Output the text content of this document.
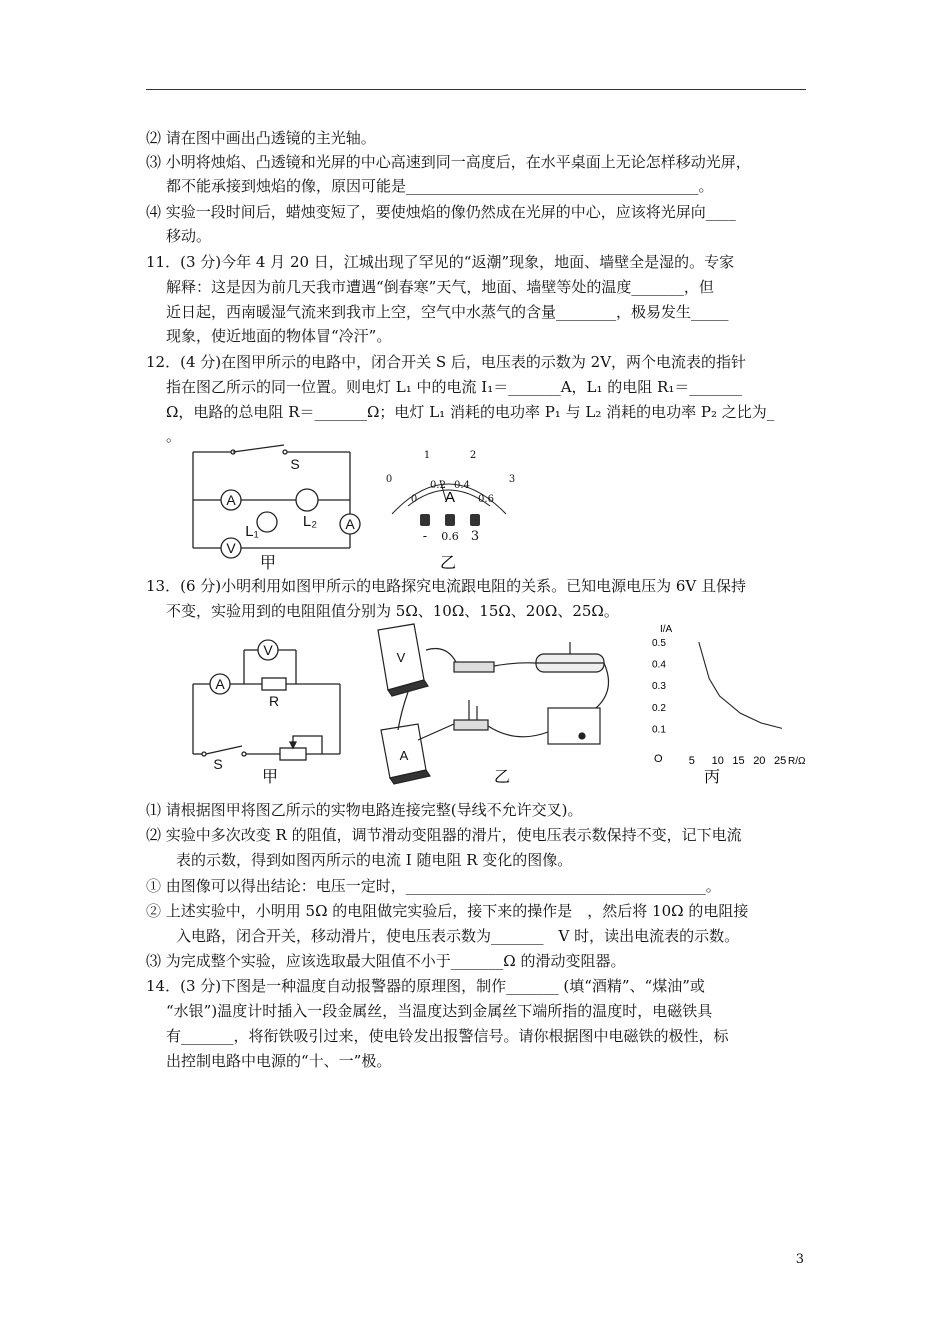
⑵ 请在图中画出凸透镜的主光轴。
⑶ 小明将烛焰、凸透镜和光屏的中心高速到同一高度后，在水平桌面上无论怎样移动光屏，
都不能承接到烛焰的像，原因可能是_______________________________________。
⑷ 实验一段时间后，蜡烛变短了，要使烛焰的像仍然成在光屏的中心，应该将光屏向____
移动。
11．(3 分)今年 4 月 20 日，江城出现了罕见的“返潮”现象，地面、墙壁全是湿的。专家
解释：这是因为前几天我市遭遇“倒春寒”天气，地面、墙壁等处的温度_______，但
近日起，西南暖湿气流来到我市上空，空气中水蒸气的含量________，极易发生_____
现象，使近地面的物体冒“冷汗”。
12．(4 分)在图甲所示的电路中，闭合开关 S 后，电压表的示数为 2V，两个电流表的指针
指在图乙所示的同一位置。则电灯 L₁ 中的电流 I₁＝_______A，L₁ 的电阻 R₁＝_______
Ω，电路的总电阻 R＝_______Ω；电灯 L₁ 消耗的电功率 P₁ 与 L₂ 消耗的电功率 P₂ 之比为_
。
13．(6 分)小明利用如图甲所示的电路探究电流跟电阻的关系。已知电源电压为 6V 且保持
不变，实验用到的电阻阻值分别为 5Ω、10Ω、15Ω、20Ω、25Ω。
⑴ 请根据图甲将图乙所示的实物电路连接完整(导线不允许交叉)。
⑵ 实验中多次改变 R 的阻值，调节滑动变阻器的滑片，使电压表示数保持不变，记下电流
表的示数，得到如图丙所示的电流 I 随电阻 R 变化的图像。
① 由图像可以得出结论：电压一定时，________________________________________。
② 上述实验中，小明用 5Ω 的电阻做完实验后，接下来的操作是　，然后将 10Ω 的电阻接
入电路，闭合开关，移动滑片，使电压表示数为_______　V 时，读出电流表的示数。
⑶ 为完成整个实验，应该选取最大阻值不小于_______Ω 的滑动变阻器。
14．(3 分)下图是一种温度自动报警器的原理图，制作_______ (填“酒精”、“煤油”或
“水银”)温度计时插入一段金属丝，当温度达到金属丝下端所指的温度时，电磁铁具
有_______，将衔铁吸引过来，使电铃发出报警信号。请你根据图中电磁铁的极性，标
出控制电路中电源的“十、一”极。
S
A
A
V
L₁
L₂
甲
0
1	2
3
0
0.2 0.4
0.6
A
- 0.6 3
乙
V
A
R
S
甲
V
A
乙
I/A
0.5
0.4
0.3
0.2
0.1
O 5 10 15 20 25 R/Ω
丙
3
